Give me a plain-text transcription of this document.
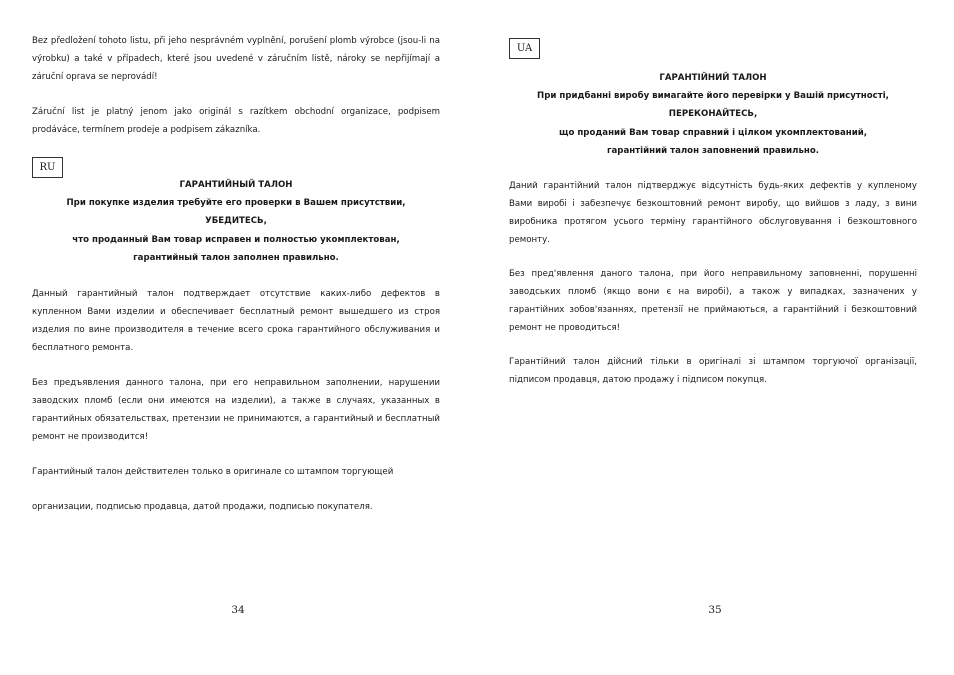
Bez předložení tohoto listu, při jeho nesprávném vyplnění, porušení plomb výrobce (jsou-li na výrobku) a také v případech, které jsou uvedené v záručním listě, nároky se nepřijímají a záruční oprava se neprovádí!

Záruční list je platný jenom jako originál s razítkem obchodní organizace, podpisem prodáváce, termínem prodeje a podpisem zákazníka.

RU
ГАРАНТИЙНЫЙ ТАЛОН
При покупке изделия требуйте его проверки в Вашем присутствии,
УБЕДИТЕСЬ,
что проданный Вам товар исправен и полностью укомплектован,
гарантийный талон заполнен правильно.

Данный гарантийный талон подтверждает отсутствие каких-либо дефектов в купленном Вами изделии и обеспечивает бесплатный ремонт вышедшего из строя изделия по вине производителя в течение всего срока гарантийного обслуживания и бесплатного ремонта.

Без предъявления данного талона, при его неправильном заполнении, нарушении заводских пломб (если они имеются на изделии), а также в случаях, указанных в гарантийных обязательствах, претензии не принимаются, а гарантийный и бесплатный ремонт не производится!

Гарантийный талон действителен только в оригинале со штампом торгующей

организации, подписью продавца, датой продажи, подписью покупателя.

34
UA
ГАРАНТІЙНИЙ ТАЛОН
При придбанні виробу вимагайте його перевірки у Вашій присутності,
ПЕРЕКОНАЙТЕСЬ,
що проданий Вам товар справний і цілком укомплектований,
гарантійний талон заповнений правильно.

Даний гарантійний талон підтверджує відсутність будь-яких дефектів у купленому Вами виробі і забезпечує безкоштовний ремонт виробу, що вийшов з ладу, з вини виробника протягом усього терміну гарантійного обслуговування і безкоштовного ремонту.

Без пред'явлення даного талона, при його неправильному заповненні, порушенні заводських пломб (якщо вони є на виробі), а також у випадках, зазначених у гарантійних зобов'язаннях, претензії не приймаються, а гарантійний і безкоштовний ремонт не проводиться!

Гарантійний талон дійсний тільки в оригіналі зі штампом торгуючої організації, підписом продавця, датою продажу і підписом покупця.

35
